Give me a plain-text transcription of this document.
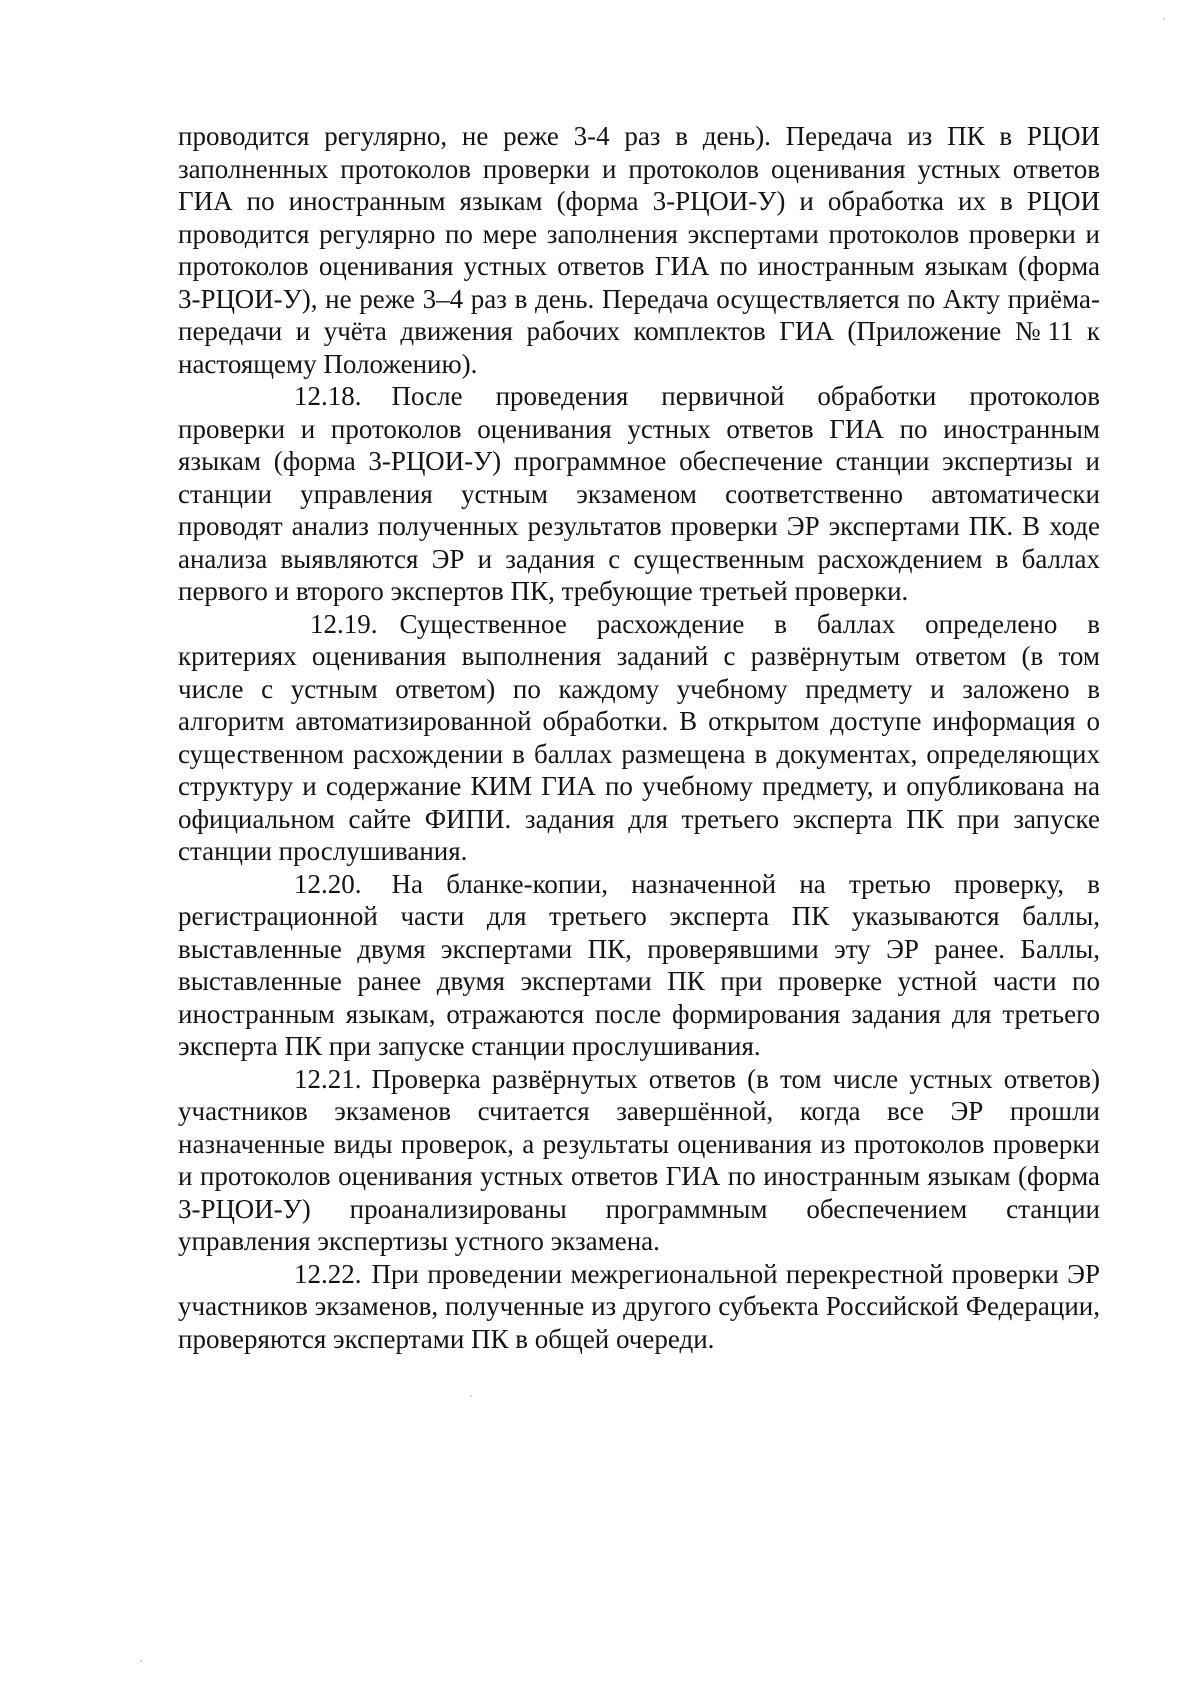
проводится регулярно, не реже 3-4 раз в день). Передача из ПК в РЦОИ заполненных протоколов проверки и протоколов оценивания устных ответов ГИА по иностранным языкам (форма 3-РЦОИ-У) и обработка их в РЦОИ проводится регулярно по мере заполнения экспертами протоколов проверки и протоколов оценивания устных ответов ГИА по иностранным языкам (форма 3-РЦОИ-У), не реже 3–4 раз в день. Передача осуществляется по Акту приёма-передачи и учёта движения рабочих комплектов ГИА (Приложение №11 к настоящему Положению).

12.18. После проведения первичной обработки протоколов проверки и протоколов оценивания устных ответов ГИА по иностранным языкам (форма 3-РЦОИ-У) программное обеспечение станции экспертизы и станции управления устным экзаменом соответственно автоматически проводят анализ полученных результатов проверки ЭР экспертами ПК. В ходе анализа выявляются ЭР и задания с существенным расхождением в баллах первого и второго экспертов ПК, требующие третьей проверки.

12.19. Существенное расхождение в баллах определено в критериях оценивания выполнения заданий с развёрнутым ответом (в том числе с устным ответом) по каждому учебному предмету и заложено в алгоритм автоматизированной обработки. В открытом доступе информация о существенном расхождении в баллах размещена в документах, определяющих структуру и содержание КИМ ГИА по учебному предмету, и опубликована на официальном сайте ФИПИ. задания для третьего эксперта ПК при запуске станции прослушивания.

12.20. На бланке-копии, назначенной на третью проверку, в регистрационной части для третьего эксперта ПК указываются баллы, выставленные двумя экспертами ПК, проверявшими эту ЭР ранее. Баллы, выставленные ранее двумя экспертами ПК при проверке устной части по иностранным языкам, отражаются после формирования задания для третьего эксперта ПК при запуске станции прослушивания.

12.21. Проверка развёрнутых ответов (в том числе устных ответов) участников экзаменов считается завершённой, когда все ЭР прошли назначенные виды проверок, а результаты оценивания из протоколов проверки и протоколов оценивания устных ответов ГИА по иностранным языкам (форма 3-РЦОИ-У) проанализированы программным обеспечением станции управления экспертизы устного экзамена.

12.22. При проведении межрегиональной перекрестной проверки ЭР участников экзаменов, полученные из другого субъекта Российской Федерации, проверяются экспертами ПК в общей очереди.
